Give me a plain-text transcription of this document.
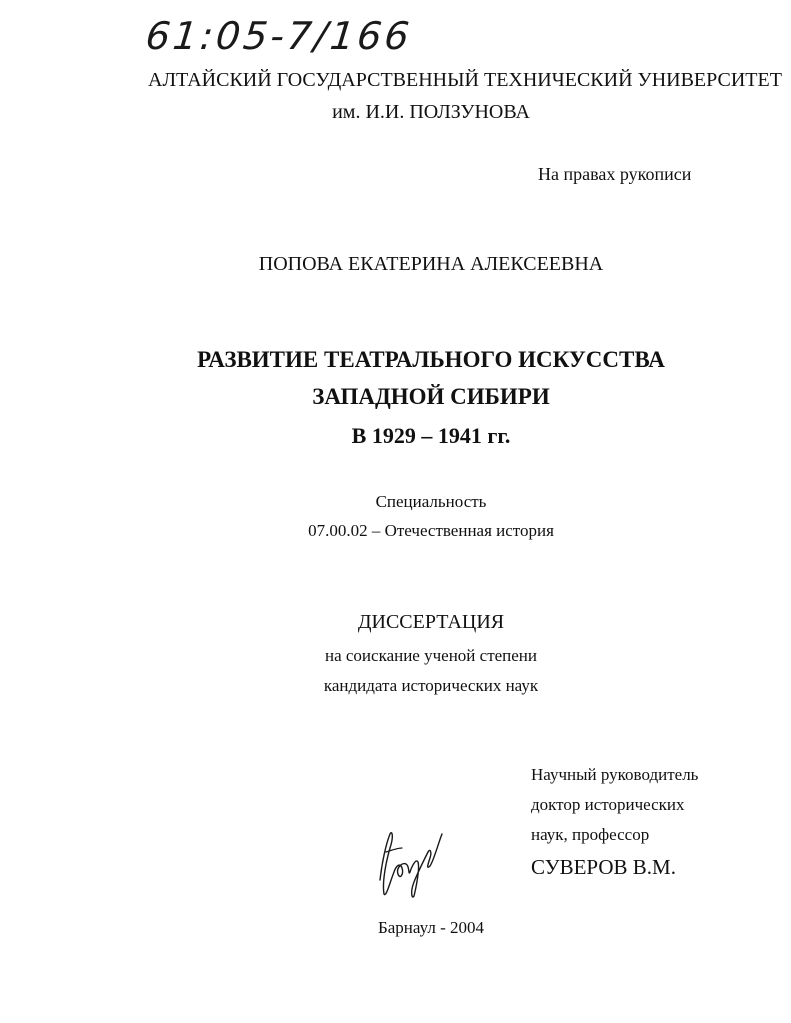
61:05-7/166
АЛТАЙСКИЙ ГОСУДАРСТВЕННЫЙ ТЕХНИЧЕСКИЙ УНИВЕРСИТЕТ
им. И.И. ПОЛЗУНОВА
На правах рукописи
ПОПОВА ЕКАТЕРИНА АЛЕКСЕЕВНА
РАЗВИТИЕ ТЕАТРАЛЬНОГО ИСКУССТВА
ЗАПАДНОЙ СИБИРИ
В 1929 – 1941 гг.
Специальность
07.00.02 – Отечественная история
ДИССЕРТАЦИЯ
на соискание ученой степени
кандидата исторических наук
Научный руководитель
доктор исторических
наук, профессор
СУВЕРОВ В.М.
Барнаул - 2004
